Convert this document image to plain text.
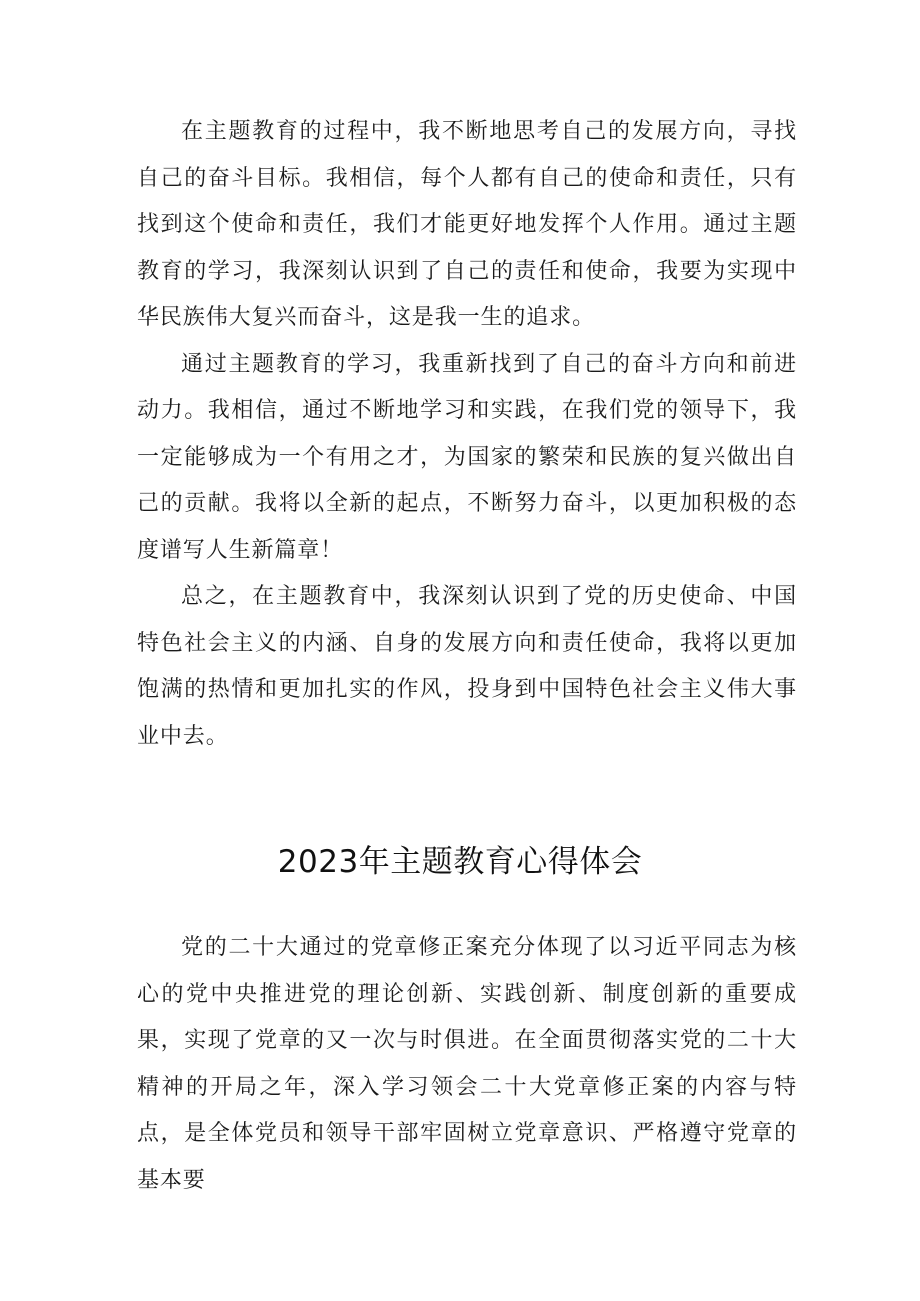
在主题教育的过程中，我不断地思考自己的发展方向，寻找自己的奋斗目标。我相信，每个人都有自己的使命和责任，只有找到这个使命和责任，我们才能更好地发挥个人作用。通过主题教育的学习，我深刻认识到了自己的责任和使命，我要为实现中华民族伟大复兴而奋斗，这是我一生的追求。

通过主题教育的学习，我重新找到了自己的奋斗方向和前进动力。我相信，通过不断地学习和实践，在我们党的领导下，我一定能够成为一个有用之才，为国家的繁荣和民族的复兴做出自己的贡献。我将以全新的起点，不断努力奋斗，以更加积极的态度谱写人生新篇章！

总之，在主题教育中，我深刻认识到了党的历史使命、中国特色社会主义的内涵、自身的发展方向和责任使命，我将以更加饱满的热情和更加扎实的作风，投身到中国特色社会主义伟大事业中去。

2023年主题教育心得体会

党的二十大通过的党章修正案充分体现了以习近平同志为核心的党中央推进党的理论创新、实践创新、制度创新的重要成果，实现了党章的又一次与时俱进。在全面贯彻落实党的二十大精神的开局之年，深入学习领会二十大党章修正案的内容与特点，是全体党员和领导干部牢固树立党章意识、严格遵守党章的基本要
